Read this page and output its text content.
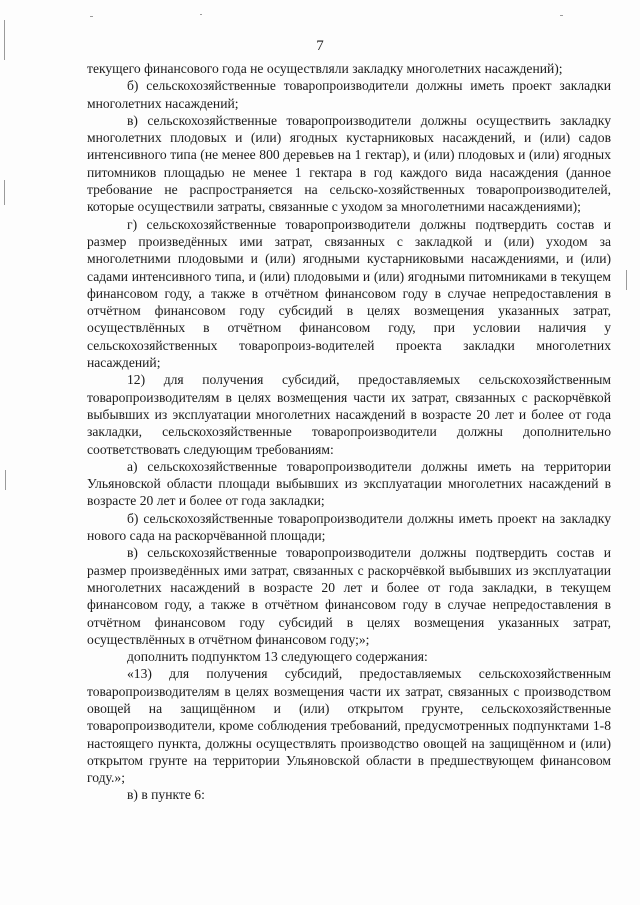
7

текущего финансового года не осуществляли закладку многолетних насаждений);

б) сельскохозяйственные товаропроизводители должны иметь проект закладки многолетних насаждений;

в) сельскохозяйственные товаропроизводители должны осуществить закладку многолетних плодовых и (или) ягодных кустарниковых насаждений, и (или) садов интенсивного типа (не менее 800 деревьев на 1 гектар), и (или) плодовых и (или) ягодных питомников площадью не менее 1 гектара в год каждого вида насаждения (данное требование не распространяется на сельско-хозяйственных товаропроизводителей, которые осуществили затраты, связанные с уходом за многолетними насаждениями);

г) сельскохозяйственные товаропроизводители должны подтвердить состав и размер произведённых ими затрат, связанных с закладкой и (или) уходом за многолетними плодовыми и (или) ягодными кустарниковыми насаждениями, и (или) садами интенсивного типа, и (или) плодовыми и (или) ягодными питомниками в текущем финансовом году, а также в отчётном финансовом году в случае непредоставления в отчётном финансовом году субсидий в целях возмещения указанных затрат, осуществлённых в отчётном финансовом году, при условии наличия у сельскохозяйственных товаропроиз-водителей проекта закладки многолетних насаждений;

12) для получения субсидий, предоставляемых сельскохозяйственным товаропроизводителям в целях возмещения части их затрат, связанных с раскорчёвкой выбывших из эксплуатации многолетних насаждений в возрасте 20 лет и более от года закладки, сельскохозяйственные товаропроизводители должны дополнительно соответствовать следующим требованиям:

а) сельскохозяйственные товаропроизводители должны иметь на территории Ульяновской области площади выбывших из эксплуатации многолетних насаждений в возрасте 20 лет и более от года закладки;

б) сельскохозяйственные товаропроизводители должны иметь проект на закладку нового сада на раскорчёванной площади;

в) сельскохозяйственные товаропроизводители должны подтвердить состав и размер произведённых ими затрат, связанных с раскорчёвкой выбывших из эксплуатации многолетних насаждений в возрасте 20 лет и более от года закладки, в текущем финансовом году, а также в отчётном финансовом году в случае непредоставления в отчётном финансовом году субсидий в целях возмещения указанных затрат, осуществлённых в отчётном финансовом году;»;

дополнить подпунктом 13 следующего содержания:

«13) для получения субсидий, предоставляемых сельскохозяйственным товаропроизводителям в целях возмещения части их затрат, связанных с производством овощей на защищённом и (или) открытом грунте, сельскохозяйственные товаропроизводители, кроме соблюдения требований, предусмотренных подпунктами 1-8 настоящего пункта, должны осуществлять производство овощей на защищённом и (или) открытом грунте на территории Ульяновской области в предшествующем финансовом году.»;

в) в пункте 6:
